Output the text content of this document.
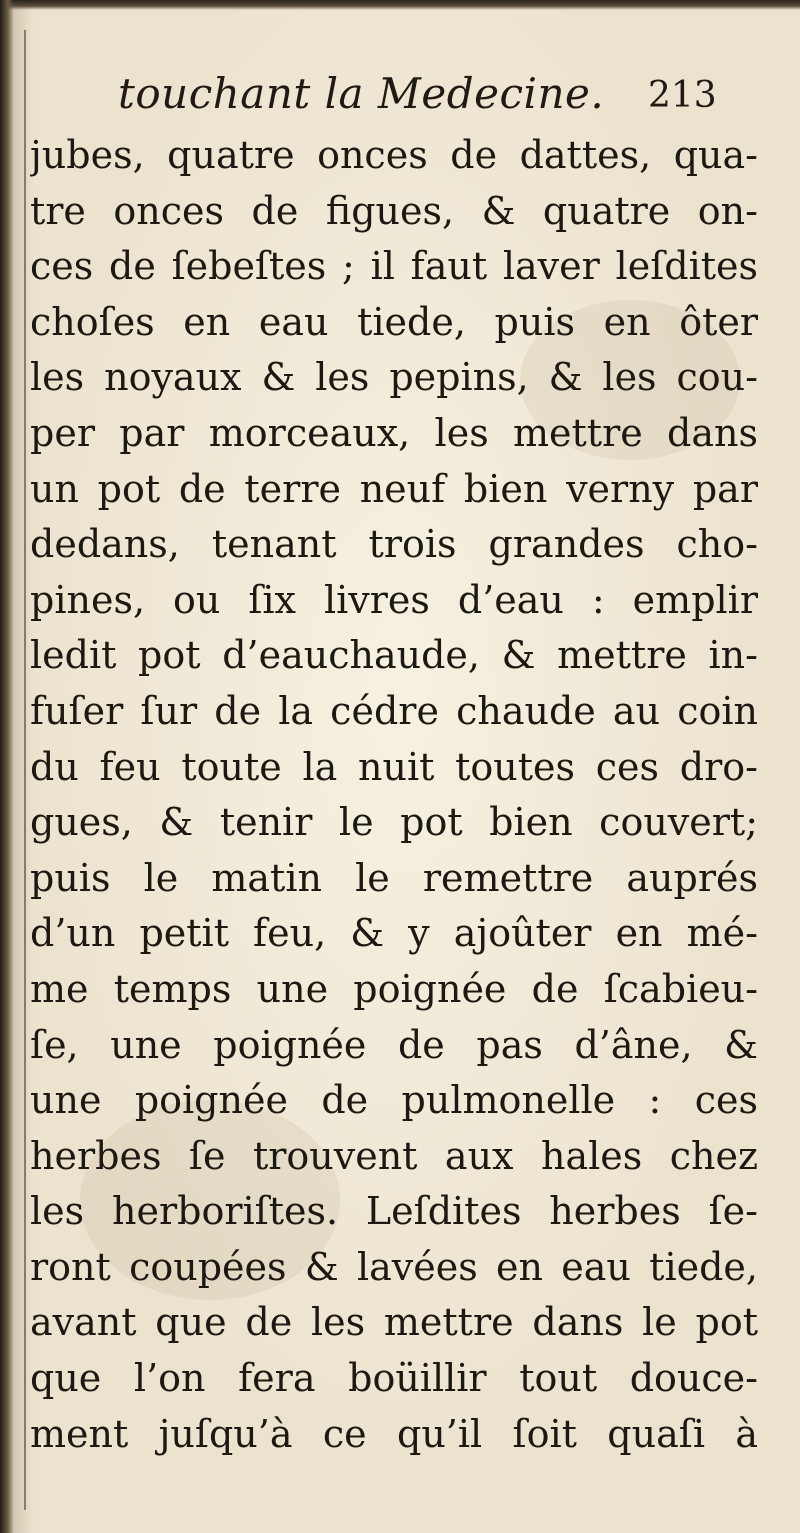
touchant la Medecine. 213
jubes, quatre onces de dattes, qua-
tre onces de figues, & quatre on-
ces de ſebeſtes ; il faut laver leſdites
choſes en eau tiede, puis en ôter
les noyaux & les pepins, & les cou-
per par morceaux, les mettre dans
un pot de terre neuf bien verny par
dedans, tenant trois grandes cho-
pines, ou ſix livres d’eau : emplir
ledit pot d’eauchaude, & mettre in-
fuſer ſur de la cédre chaude au coin
du feu toute la nuit toutes ces dro-
gues, & tenir le pot bien couvert;
puis le matin le remettre auprés
d’un petit feu, & y ajoûter en mé-
me temps une poignée de ſcabieu-
ſe, une poignée de pas d’âne, &
une poignée de pulmonelle : ces
herbes ſe trouvent aux hales chez
les herboriſtes. Leſdites herbes ſe-
ront coupées & lavées en eau tiede,
avant que de les mettre dans le pot
que l’on fera boüillir tout douce-
ment juſqu’à ce qu’il ſoit quaſi à
